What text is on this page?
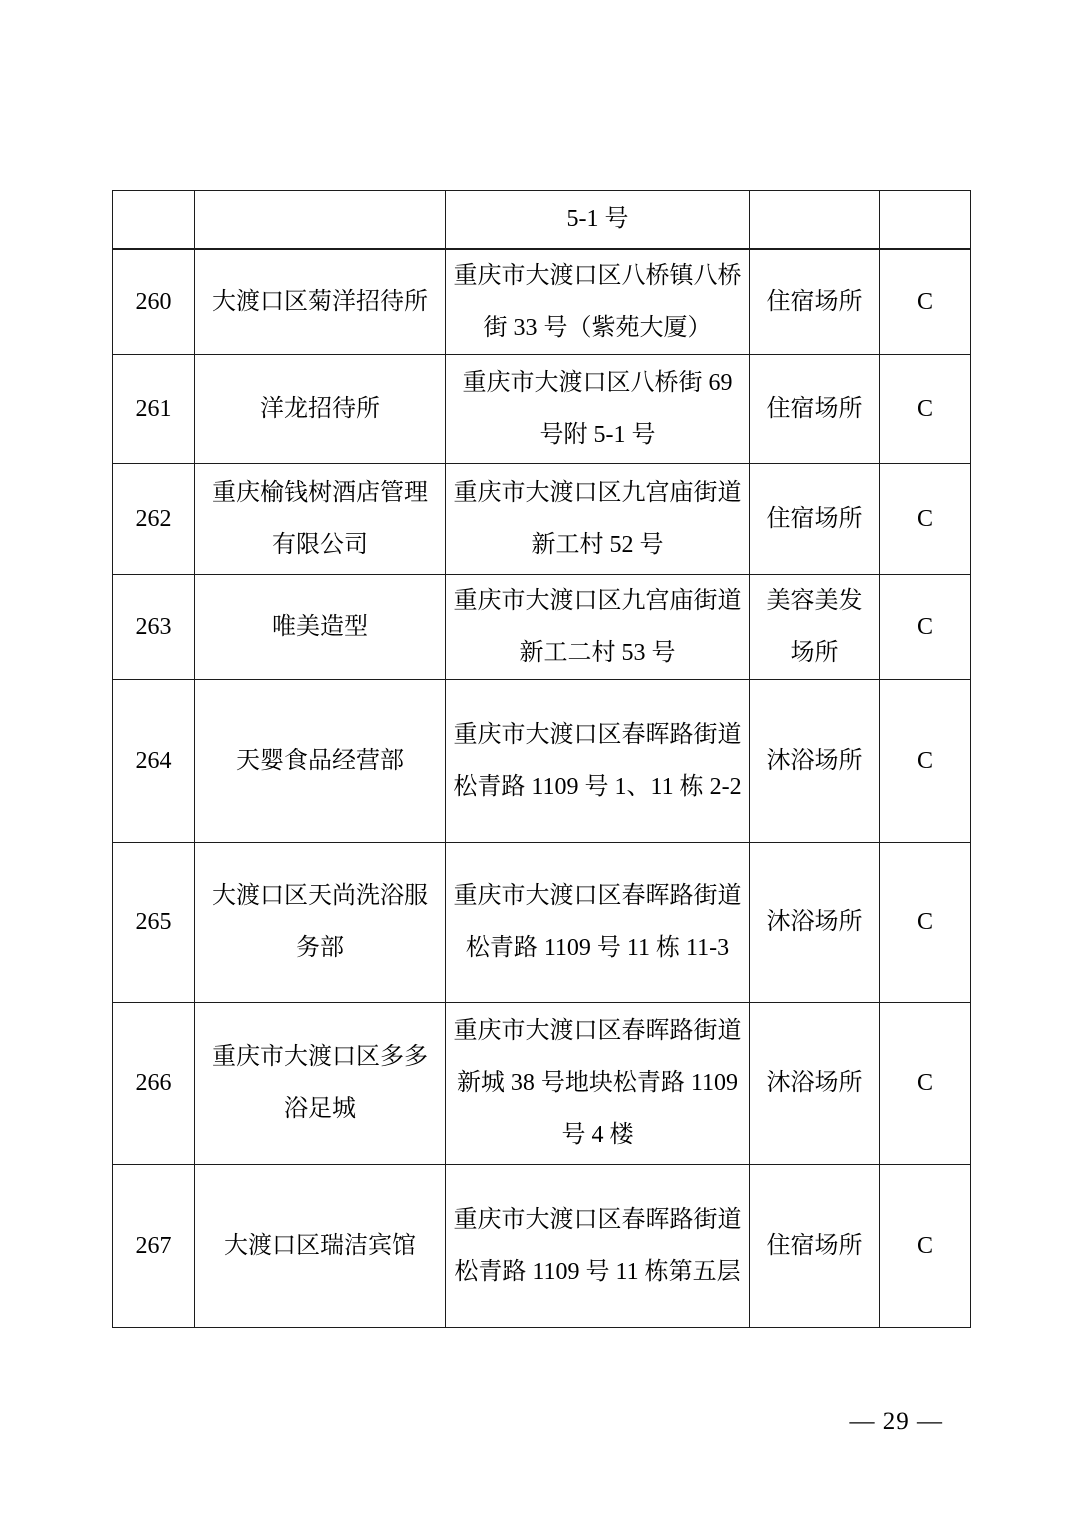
		5-1 号		
260	大渡口区菊洋招待所	重庆市大渡口区八桥镇八桥街 33 号（紫苑大厦）	住宿场所	C
261	洋龙招待所	重庆市大渡口区八桥街 69 号附 5-1 号	住宿场所	C
262	重庆榆钱树酒店管理有限公司	重庆市大渡口区九宫庙街道新工村 52 号	住宿场所	C
263	唯美造型	重庆市大渡口区九宫庙街道新工二村 53 号	美容美发场所	C
264	天婴食品经营部	重庆市大渡口区春晖路街道松青路 1109 号 1、11 栋 2-2	沐浴场所	C
265	大渡口区天尚洗浴服务部	重庆市大渡口区春晖路街道松青路 1109 号 11 栋 11-3	沐浴场所	C
266	重庆市大渡口区多多浴足城	重庆市大渡口区春晖路街道新城 38 号地块松青路 1109 号 4 楼	沐浴场所	C
267	大渡口区瑞洁宾馆	重庆市大渡口区春晖路街道松青路 1109 号 11 栋第五层	住宿场所	C
— 29 —
